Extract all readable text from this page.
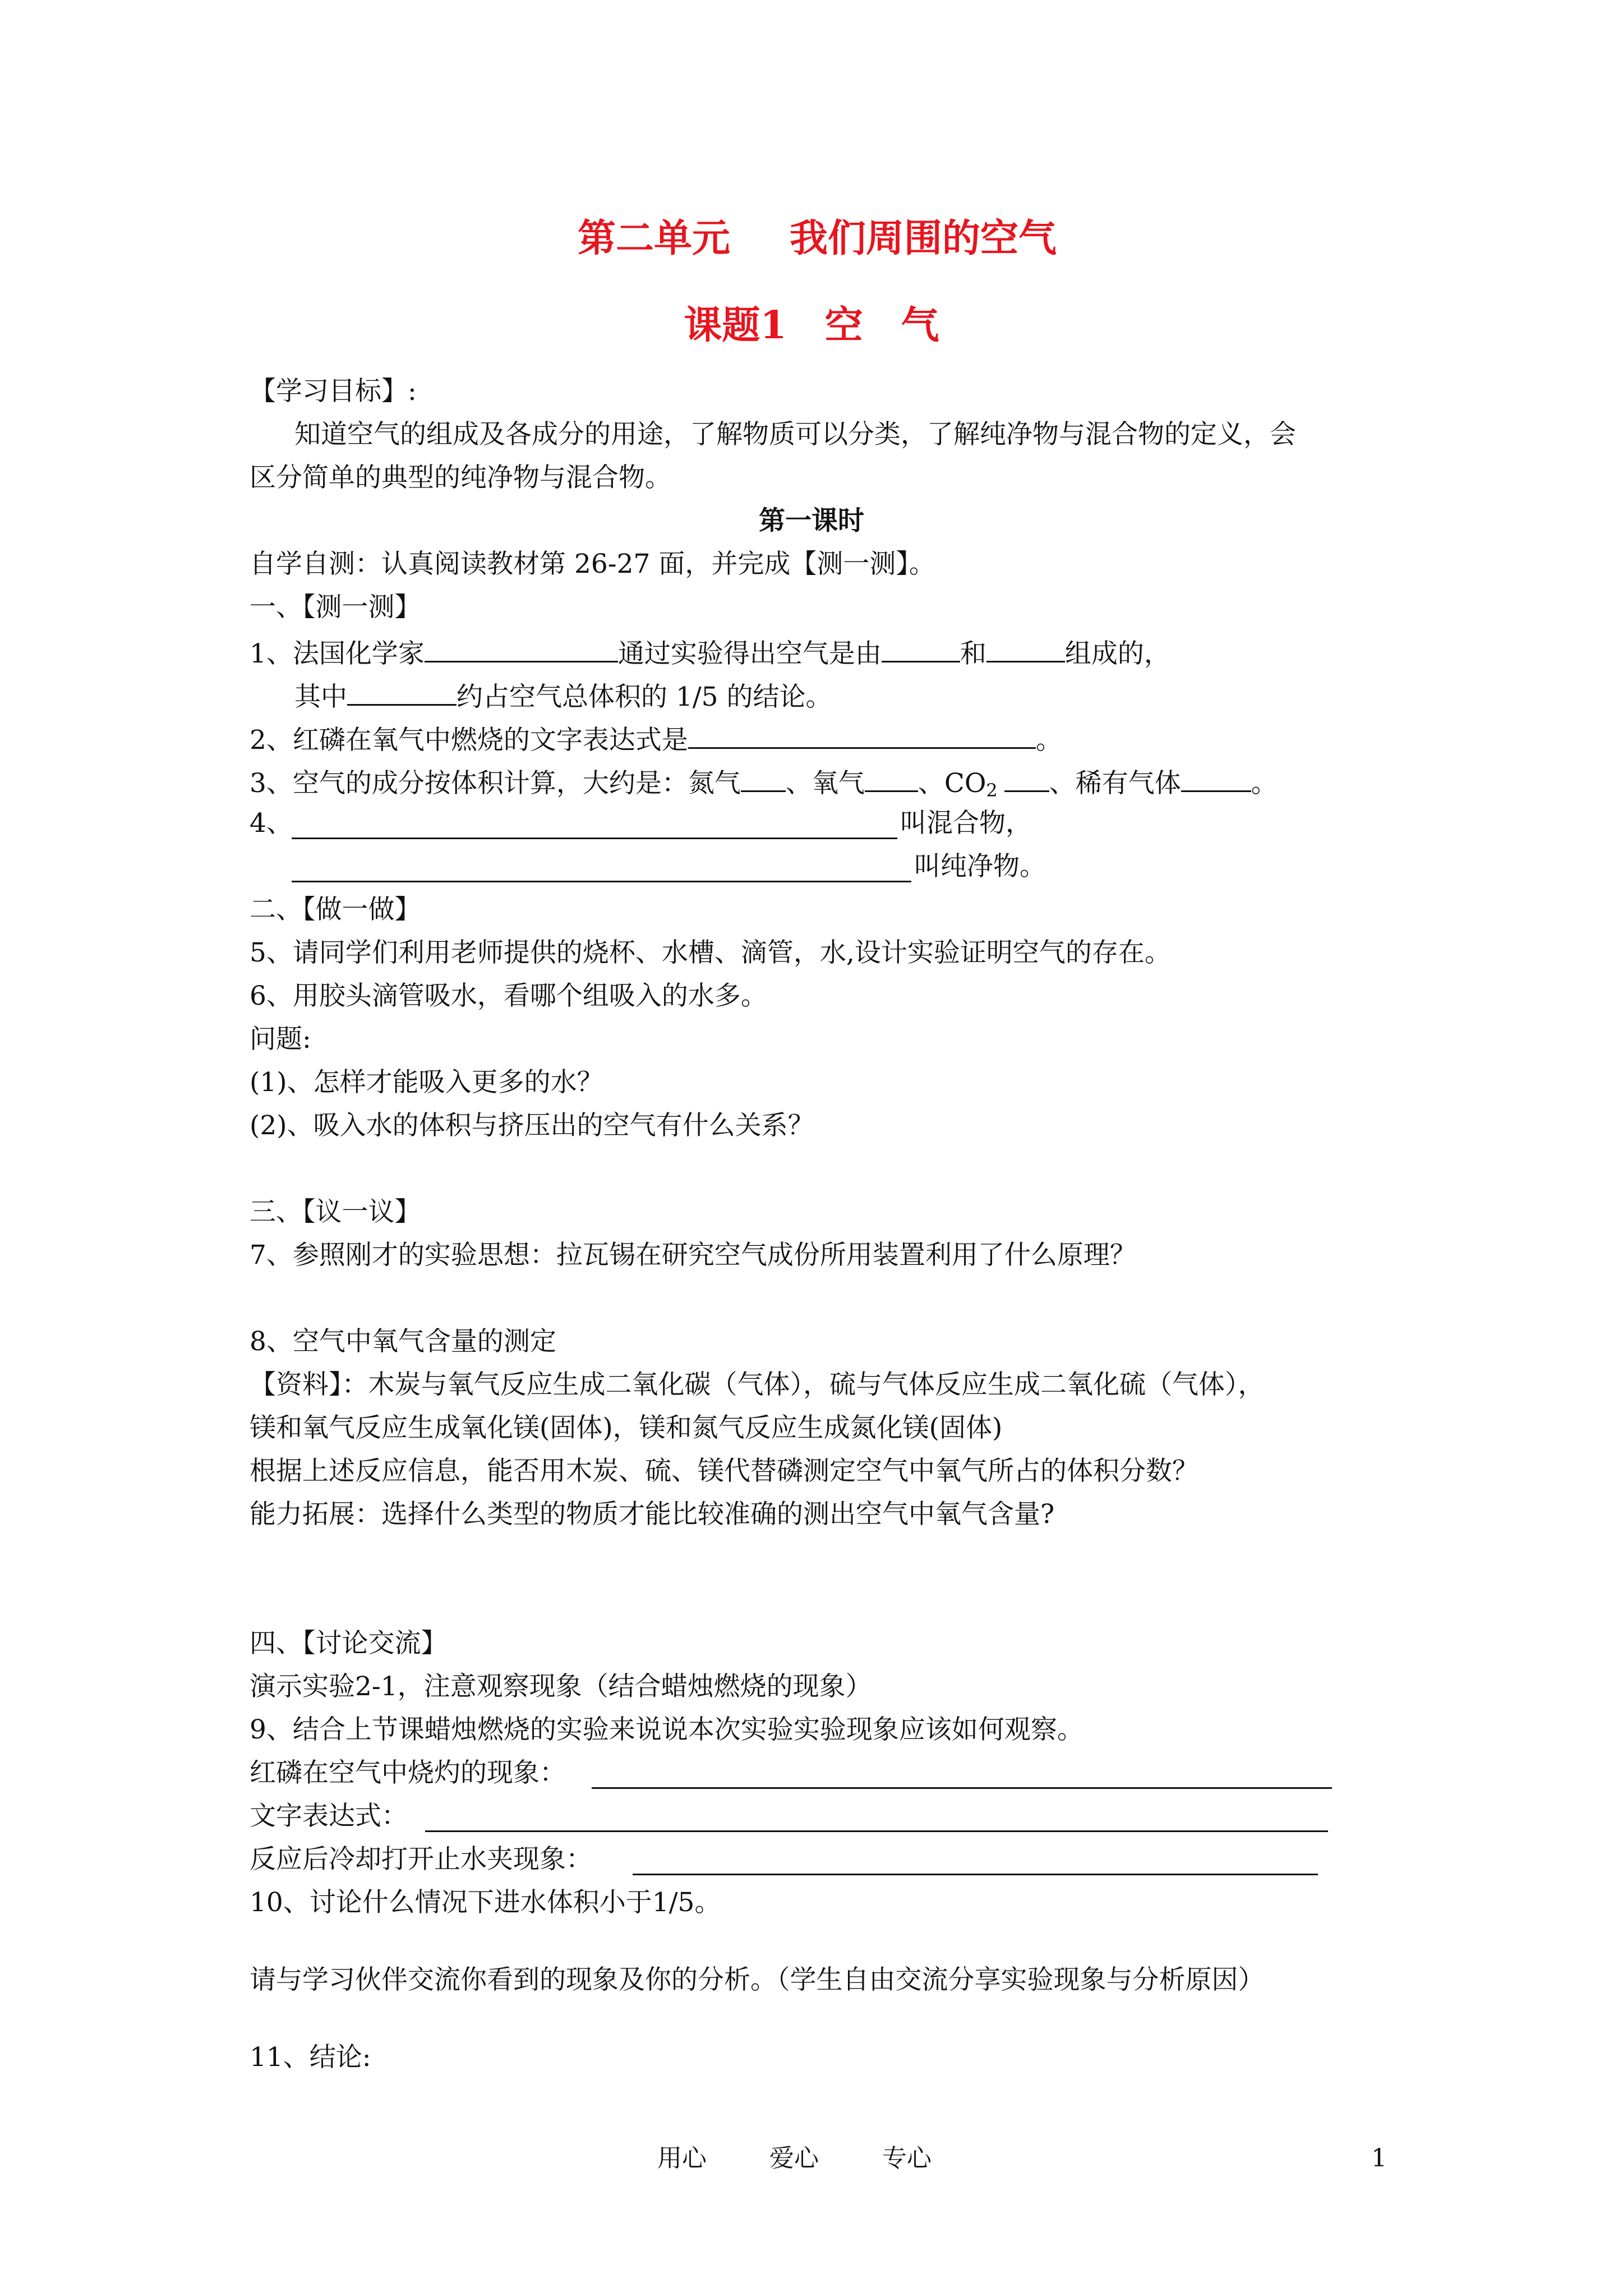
第二单元 我们周围的空气
课题1　空　气
【学习目标】:
知道空气的组成及各成分的用途，了解物质可以分类，了解纯净物与混合物的定义，会
区分简单的典型的纯净物与混合物。
第一课时
自学自测：认真阅读教材第 26-27 面，并完成【测一测】。
一、【测一测】
1、法国化学家	通过实验得出空气是由	和	组成的，
其中	约占空气总体积的 1/5 的结论。
2、红磷在氧气中燃烧的文字表达式是	。
3、空气的成分按体积计算，大约是：氮气 、氧气 、$CO_2$ 、稀有气体	。
4、	叫混合物，
叫纯净物。
二、【做一做】
5、请同学们利用老师提供的烧杯、水槽、滴管，水,设计实验证明空气的存在。
6、用胶头滴管吸水，看哪个组吸入的水多。
问题:
(1)、怎样才能吸入更多的水？
(2)、吸入水的体积与挤压出的空气有什么关系？
三、【议一议】
7、参照刚才的实验思想：拉瓦锡在研究空气成份所用装置利用了什么原理？
8、空气中氧气含量的测定
【资料】：木炭与氧气反应生成二氧化碳（气体），硫与气体反应生成二氧化硫（气体），
镁和氧气反应生成氧化镁(固体)，镁和氮气反应生成氮化镁(固体)
根据上述反应信息，能否用木炭、硫、镁代替磷测定空气中氧气所占的体积分数？
能力拓展：选择什么类型的物质才能比较准确的测出空气中氧气含量?
四、【讨论交流】
演示实验2-1，注意观察现象（结合蜡烛燃烧的现象）
9、结合上节课蜡烛燃烧的实验来说说本次实验实验现象应该如何观察。
红磷在空气中烧灼的现象：
文字表达式：
反应后冷却打开止水夹现象：
10、讨论什么情况下进水体积小于1/5。
请与学习伙伴交流你看到的现象及你的分析。（学生自由交流分享实验现象与分析原因）
11、结论:
用心	爱心	专心	1
